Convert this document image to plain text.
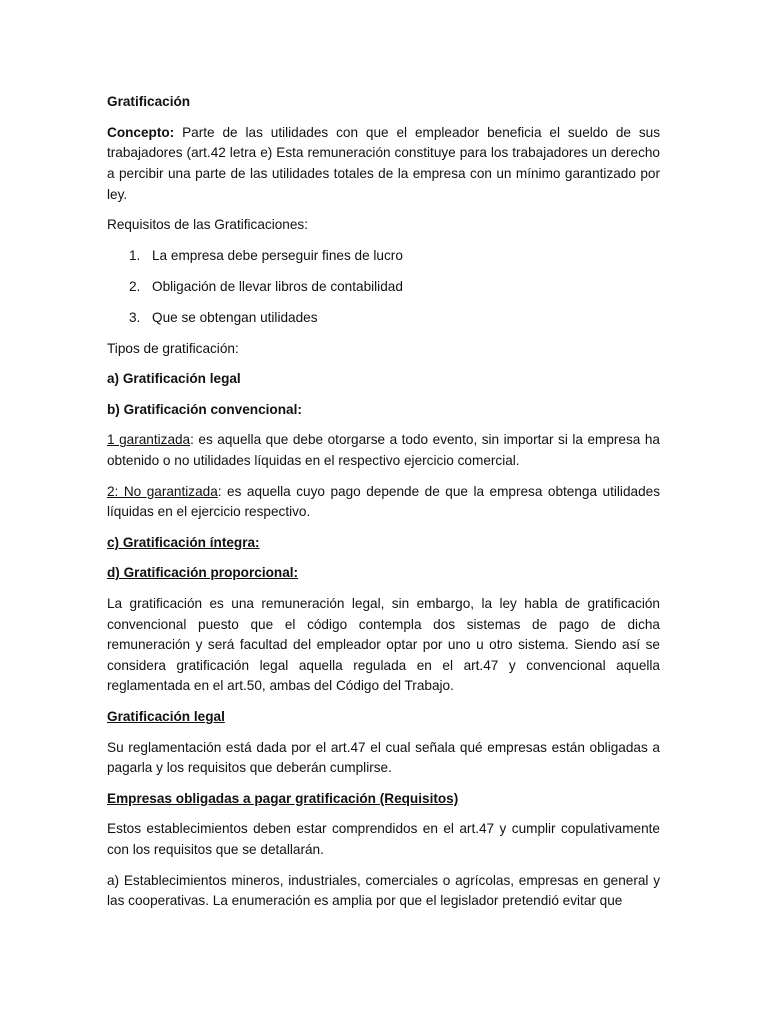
Gratificación

Concepto: Parte de las utilidades con que el empleador beneficia el sueldo de sus trabajadores (art.42 letra e) Esta remuneración constituye para los trabajadores un derecho a percibir una parte de las utilidades totales de la empresa con un mínimo garantizado por ley.

Requisitos de las Gratificaciones:

1. La empresa debe perseguir fines de lucro
2. Obligación de llevar libros de contabilidad
3. Que se obtengan utilidades

Tipos de gratificación:

a) Gratificación legal

b) Gratificación convencional:

1 garantizada: es aquella que debe otorgarse a todo evento, sin importar si la empresa ha obtenido o no utilidades líquidas en el respectivo ejercicio comercial.

2: No garantizada: es aquella cuyo pago depende de que la empresa obtenga utilidades líquidas en el ejercicio respectivo.

c) Gratificación íntegra:

d) Gratificación proporcional:

La gratificación es una remuneración legal, sin embargo, la ley habla de gratificación convencional puesto que el código contempla dos sistemas de pago de dicha remuneración y será facultad del empleador optar por uno u otro sistema. Siendo así se considera gratificación legal aquella regulada en el art.47 y convencional aquella reglamentada en el art.50, ambas del Código del Trabajo.

Gratificación legal

Su reglamentación está dada por el art.47 el cual señala qué empresas están obligadas a pagarla y los requisitos que deberán cumplirse.

Empresas obligadas a pagar gratificación (Requisitos)

Estos establecimientos deben estar comprendidos en el art.47 y cumplir copulativamente con los requisitos que se detallarán.

a) Establecimientos mineros, industriales, comerciales o agrícolas, empresas en general y las cooperativas. La enumeración es amplia por que el legislador pretendió evitar que
